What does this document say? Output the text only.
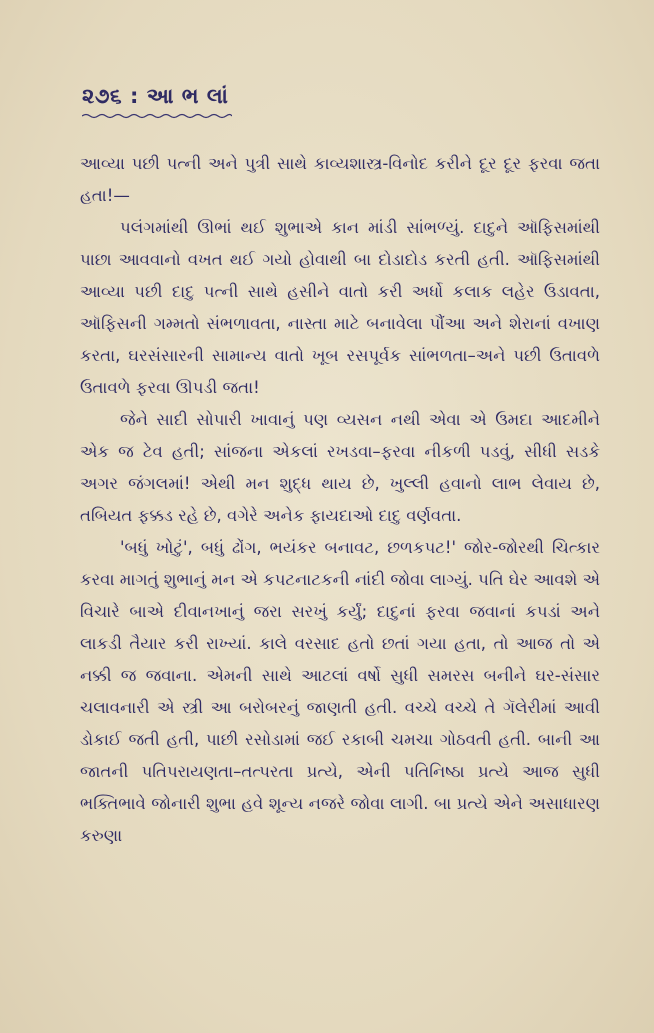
૨૭૬ : આ ભ લાં

આવ્યા પછી પત્ની અને પુત્રી સાથે કાવ્યશાસ્ત્ર-વિનોદ કરીને દૂર દૂર ફરવા જતા હતા!—

પલંગમાંથી ઊભાં થઈ શુભાએ કાન માંડી સાંભળ્યું. દાદુને ઑફિસમાંથી પાછા આવવાનો વખત થઈ ગયો હોવાથી બા દોડાદોડ કરતી હતી. ઑફિસમાંથી આવ્યા પછી દાદુ પત્ની સાથે હસીને વાતો કરી અર્ધો કલાક લહેર ઉડાવતા, ઑફિસની ગમ્મતો સંભળાવતા, નાસ્તા માટે બનાવેલા પૌંઆ અને શેરાનાં વખાણ કરતા, ઘરસંસારની સામાન્ય વાતો ખૂબ રસપૂર્વક સાંભળતા–અને પછી ઉતાવળે ઉતાવળે ફરવા ઊપડી જતા!

જેને સાદી સોપારી ખાવાનું પણ વ્યસન નથી એવા એ ઉમદા આદમીને એક જ ટેવ હતી; સાંજના એકલાં રખડવા–ફરવા નીકળી પડવું, સીધી સડકે અગર જંગલમાં! એથી મન શુદ્ધ થાય છે, ખુલ્લી હવાનો લાભ લેવાય છે, તબિયત ફક્કડ રહે છે, વગેરે અનેક ફાયદાઓ દાદુ વર્ણવતા.

'બધું ખોટું', બધું ઢોંગ, ભયંકર બનાવટ, છળકપટ!' જોર-જોરથી ચિત્કાર કરવા માગતું શુભાનું મન એ કપટનાટકની નાંદી જોવા લાગ્યું. પતિ ઘેર આવશે એ વિચારે બાએ દીવાનખાનું જરા સરખું કર્યું; દાદુનાં ફરવા જવાનાં કપડાં અને લાકડી તૈયાર કરી રાખ્યાં. કાલે વરસાદ હતો છતાં ગયા હતા, તો આજ તો એ નક્કી જ જવાના. એમની સાથે આટલાં વર્ષો સુધી સમરસ બનીને ઘર-સંસાર ચલાવનારી એ સ્ત્રી આ બરોબરનું જાણતી હતી. વચ્ચે વચ્ચે તે ગૅલેરીમાં આવી ડોકાઈ જતી હતી, પાછી રસોડામાં જઈ રકાબી ચમચા ગોઠવતી હતી. બાની આ જાતની પતિપરાયણતા–તત્પરતા પ્રત્યે, એની પતિનિષ્ઠા પ્રત્યે આજ સુધી ભક્તિભાવે જોનારી શુભા હવે શૂન્ય નજરે જોવા લાગી. બા પ્રત્યે એને અસાધારણ કરુણા
